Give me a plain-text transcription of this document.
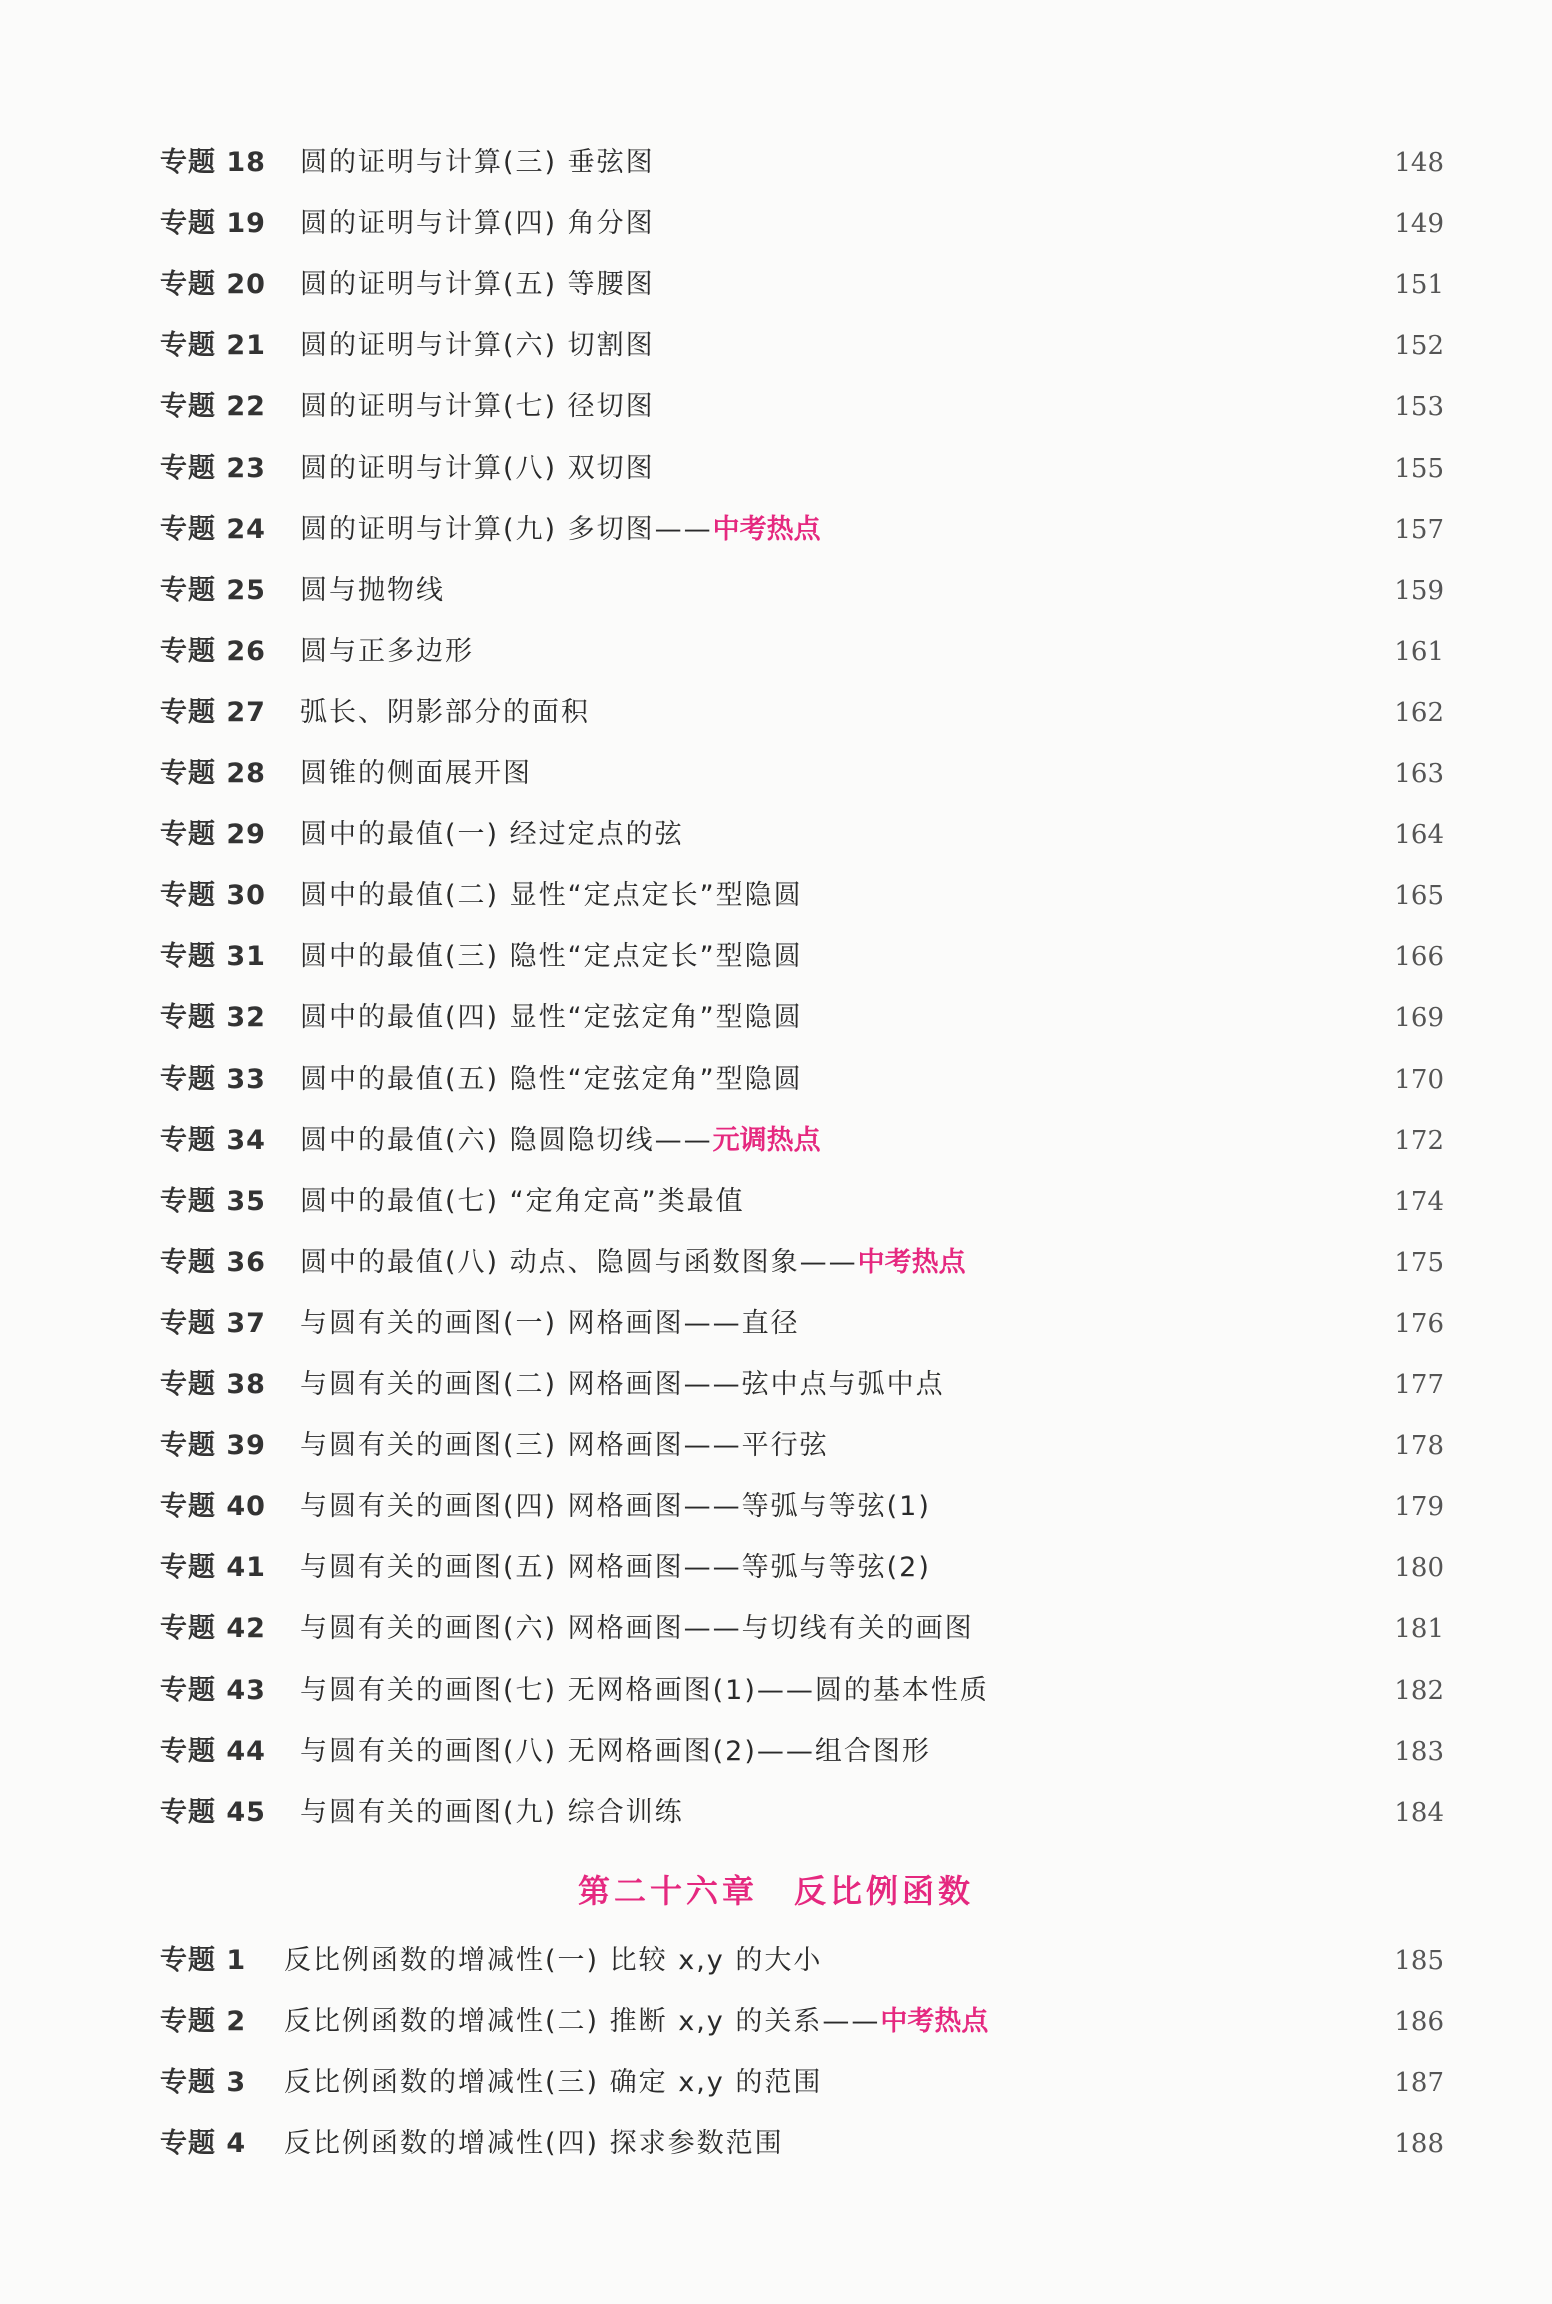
专题 18	圆的证明与计算(三) 垂弦图	148
专题 19	圆的证明与计算(四) 角分图	149
专题 20	圆的证明与计算(五) 等腰图	151
专题 21	圆的证明与计算(六) 切割图	152
专题 22	圆的证明与计算(七) 径切图	153
专题 23	圆的证明与计算(八) 双切图	155
专题 24	圆的证明与计算(九) 多切图—— 中考热点	157
专题 25	圆与抛物线	159
专题 26	圆与正多边形	161
专题 27	弧长、阴影部分的面积	162
专题 28	圆锥的侧面展开图	163
专题 29	圆中的最值(一) 经过定点的弦	164
专题 30	圆中的最值(二) 显性“定点定长”型隐圆	165
专题 31	圆中的最值(三) 隐性“定点定长”型隐圆	166
专题 32	圆中的最值(四) 显性“定弦定角”型隐圆	169
专题 33	圆中的最值(五) 隐性“定弦定角”型隐圆	170
专题 34	圆中的最值(六) 隐圆隐切线—— 元调热点	172
专题 35	圆中的最值(七) “定角定高”类最值	174
专题 36	圆中的最值(八) 动点、隐圆与函数图象—— 中考热点	175
专题 37	与圆有关的画图(一) 网格画图——直径	176
专题 38	与圆有关的画图(二) 网格画图——弦中点与弧中点	177
专题 39	与圆有关的画图(三) 网格画图——平行弦	178
专题 40	与圆有关的画图(四) 网格画图——等弧与等弦(1)	179
专题 41	与圆有关的画图(五) 网格画图——等弧与等弦(2)	180
专题 42	与圆有关的画图(六) 网格画图——与切线有关的画图	181
专题 43	与圆有关的画图(七) 无网格画图(1)——圆的基本性质	182
专题 44	与圆有关的画图(八) 无网格画图(2)——组合图形	183
专题 45	与圆有关的画图(九) 综合训练	184
第二十六章 反比例函数
专题 1	反比例函数的增减性(一) 比较 x,y 的大小	185
专题 2	反比例函数的增减性(二) 推断 x,y 的关系—— 中考热点	186
专题 3	反比例函数的增减性(三) 确定 x,y 的范围	187
专题 4	反比例函数的增减性(四) 探求参数范围	188
